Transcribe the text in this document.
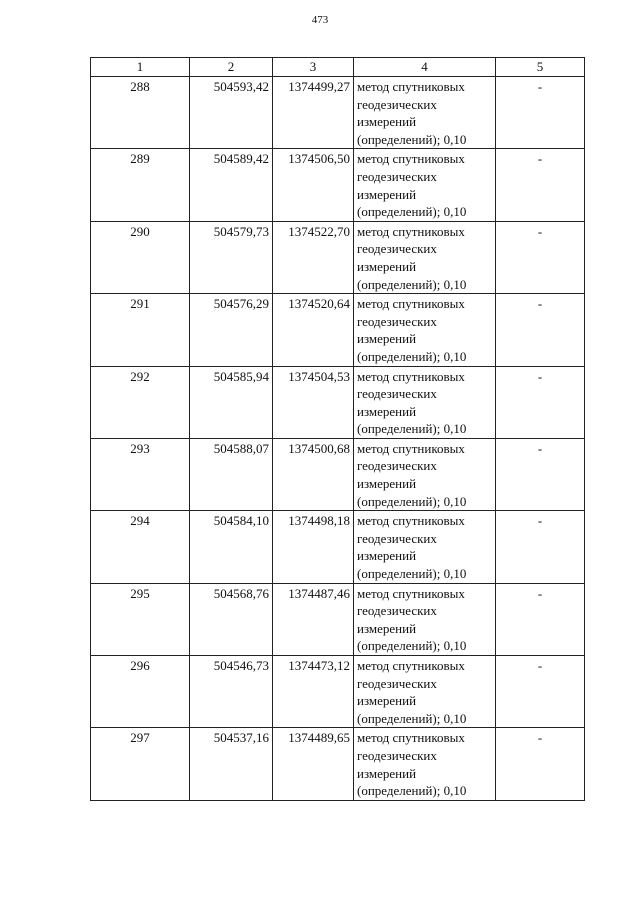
473
1	2	3	4	5
288	504593,42	1374499,27	метод спутниковых
геодезических
измерений
(определений); 0,10	-
289	504589,42	1374506,50	метод спутниковых
геодезических
измерений
(определений); 0,10	-
290	504579,73	1374522,70	метод спутниковых
геодезических
измерений
(определений); 0,10	-
291	504576,29	1374520,64	метод спутниковых
геодезических
измерений
(определений); 0,10	-
292	504585,94	1374504,53	метод спутниковых
геодезических
измерений
(определений); 0,10	-
293	504588,07	1374500,68	метод спутниковых
геодезических
измерений
(определений); 0,10	-
294	504584,10	1374498,18	метод спутниковых
геодезических
измерений
(определений); 0,10	-
295	504568,76	1374487,46	метод спутниковых
геодезических
измерений
(определений); 0,10	-
296	504546,73	1374473,12	метод спутниковых
геодезических
измерений
(определений); 0,10	-
297	504537,16	1374489,65	метод спутниковых
геодезических
измерений
(определений); 0,10	-
